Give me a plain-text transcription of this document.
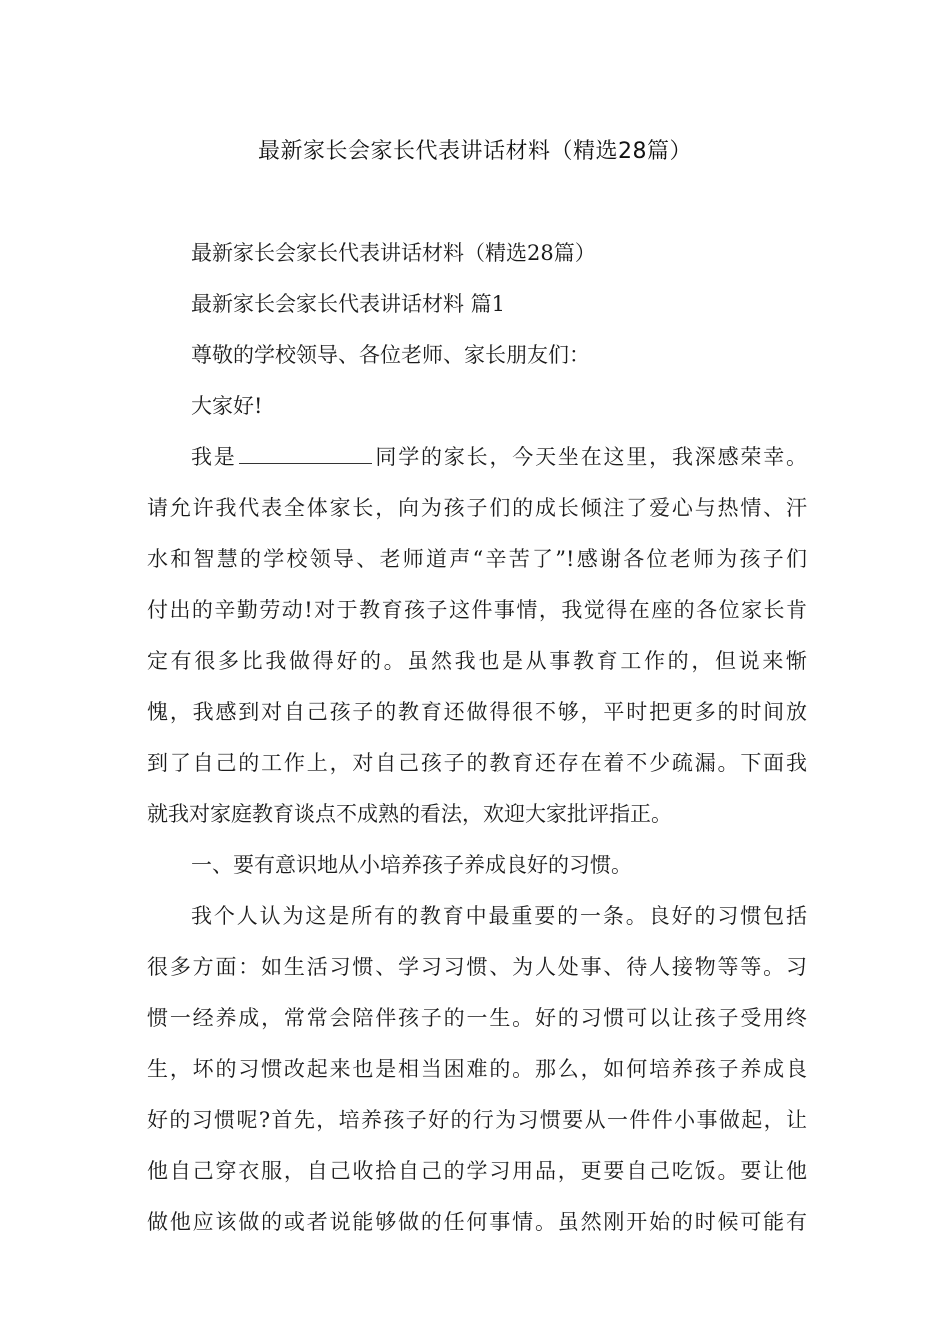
最新家长会家长代表讲话材料（精选28篇）
最新家长会家长代表讲话材料（精选28篇）
最新家长会家长代表讲话材料 篇1
尊敬的学校领导、各位老师、家长朋友们：
大家好!
我是	同学的家长，今天坐在这里，我深感荣幸。
请允许我代表全体家长，向为孩子们的成长倾注了爱心与热情、汗
水和智慧的学校领导、老师道声“辛苦了”!感谢各位老师为孩子们
付出的辛勤劳动!对于教育孩子这件事情，我觉得在座的各位家长肯
定有很多比我做得好的。虽然我也是从事教育工作的，但说来惭
愧，我感到对自己孩子的教育还做得很不够，平时把更多的时间放
到了自己的工作上，对自己孩子的教育还存在着不少疏漏。下面我
就我对家庭教育谈点不成熟的看法，欢迎大家批评指正。
一、要有意识地从小培养孩子养成良好的习惯。
我个人认为这是所有的教育中最重要的一条。良好的习惯包括
很多方面：如生活习惯、学习习惯、为人处事、待人接物等等。习
惯一经养成，常常会陪伴孩子的一生。好的习惯可以让孩子受用终
生，坏的习惯改起来也是相当困难的。那么，如何培养孩子养成良
好的习惯呢?首先，培养孩子好的行为习惯要从一件件小事做起，让
他自己穿衣服，自己收拾自己的学习用品，更要自己吃饭。要让他
做他应该做的或者说能够做的任何事情。虽然刚开始的时候可能有
